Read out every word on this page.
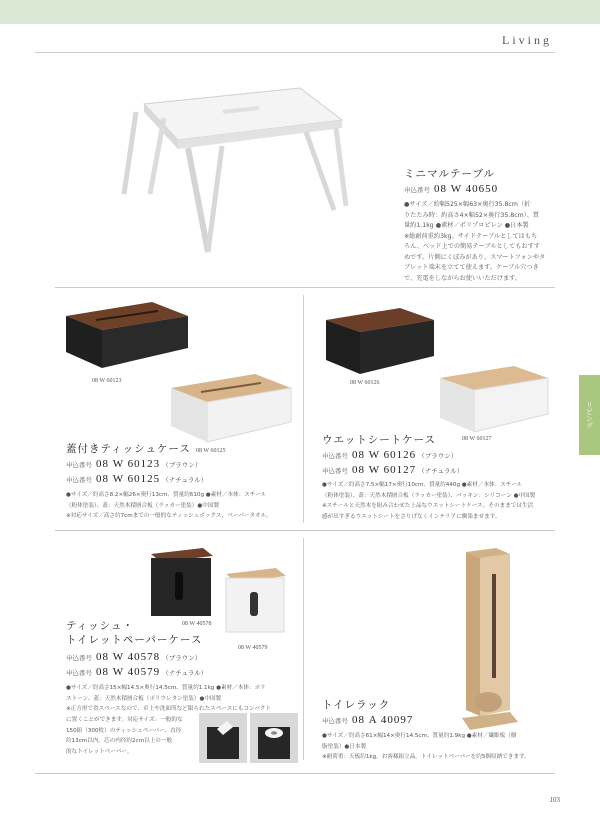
Living
ミニマルテーブル
申込番号 08 W 40650
●サイズ／約幅525×幅63×奥行35.8cm（折
りたたみ時：約高さ4×幅52×奥行35.8cm）、質
量約1.1kg ●素材／ポリプロピレン ●日本製
※総耐荷重約3kg。サイドテーブルとしてはもち
ろん、ベッド上での簡易テーブルとしてもおすす
めです。片側にくぼみがあり、スマートフォンやタ
ブレット端末を立てて使えます。ケーブル穴つき
で、充電をしながらお使いいただけます。
08 W 60123
08 W 60125
蓋付きティッシュケース
申込番号 08 W 60123 （ブラウン）
申込番号 08 W 60125 （ナチュラル）
●サイズ／約高さ8.2×幅26×奥行13cm、質量約610g ●素材／本体：スチール
（粉体塗装）、蓋：天然木積層合板（ラッカー塗装）●中国製
※対応サイズ／高さ約7cmまでの一般的なティッシュボックス、ペーパータオル。
08 W 60126
08 W 60127
ウエットシートケース
申込番号 08 W 60126 （ブラウン）
申込番号 08 W 60127 （ナチュラル）
●サイズ／約高さ7.5×幅17×奥行10cm、質量約440g ●素材／本体：スチール
（粉体塗装）、蓋：天然木積層合板（ラッカー塗装）、パッキン：シリコーン ●中国製
※スチールと天然木を組み合わせた上品なウエットシートケース。そのままでは生活
感が出すぎるウエットシートをさりげなくインテリアに馴染ませます。
08 W 40578
08 W 40579
ティッシュ・
トイレットペーパーケース
申込番号 08 W 40578 （ブラウン）
申込番号 08 W 40579 （ナチュラル）
●サイズ／約高さ15×幅14.5×奥行14.5cm、質量約1.1kg ●素材／本体：ポリ
ストーン、蓋：天然木積層合板（ポリウレタン塗装）●中国製
※正方形で省スペースなので、卓上や洗面所など限られたスペースにもコンパクト
に置くことができます。対応サイズ：一般的な
150組（300枚）のティッシュペーパー、直径
約13cm以内、芯の内径約2cm以上の一般
的なトイレットペーパー。
トイレラック
申込番号 08 A 40097
●サイズ／約高さ61×幅14×奥行14.5cm、質量約1.9kg ●素材／繊維板（樹
脂塗装）●日本製
※耐荷重：天板約1kg。お客様組立品。トイレットペーパーを約5個収納できます。
リビング
103
